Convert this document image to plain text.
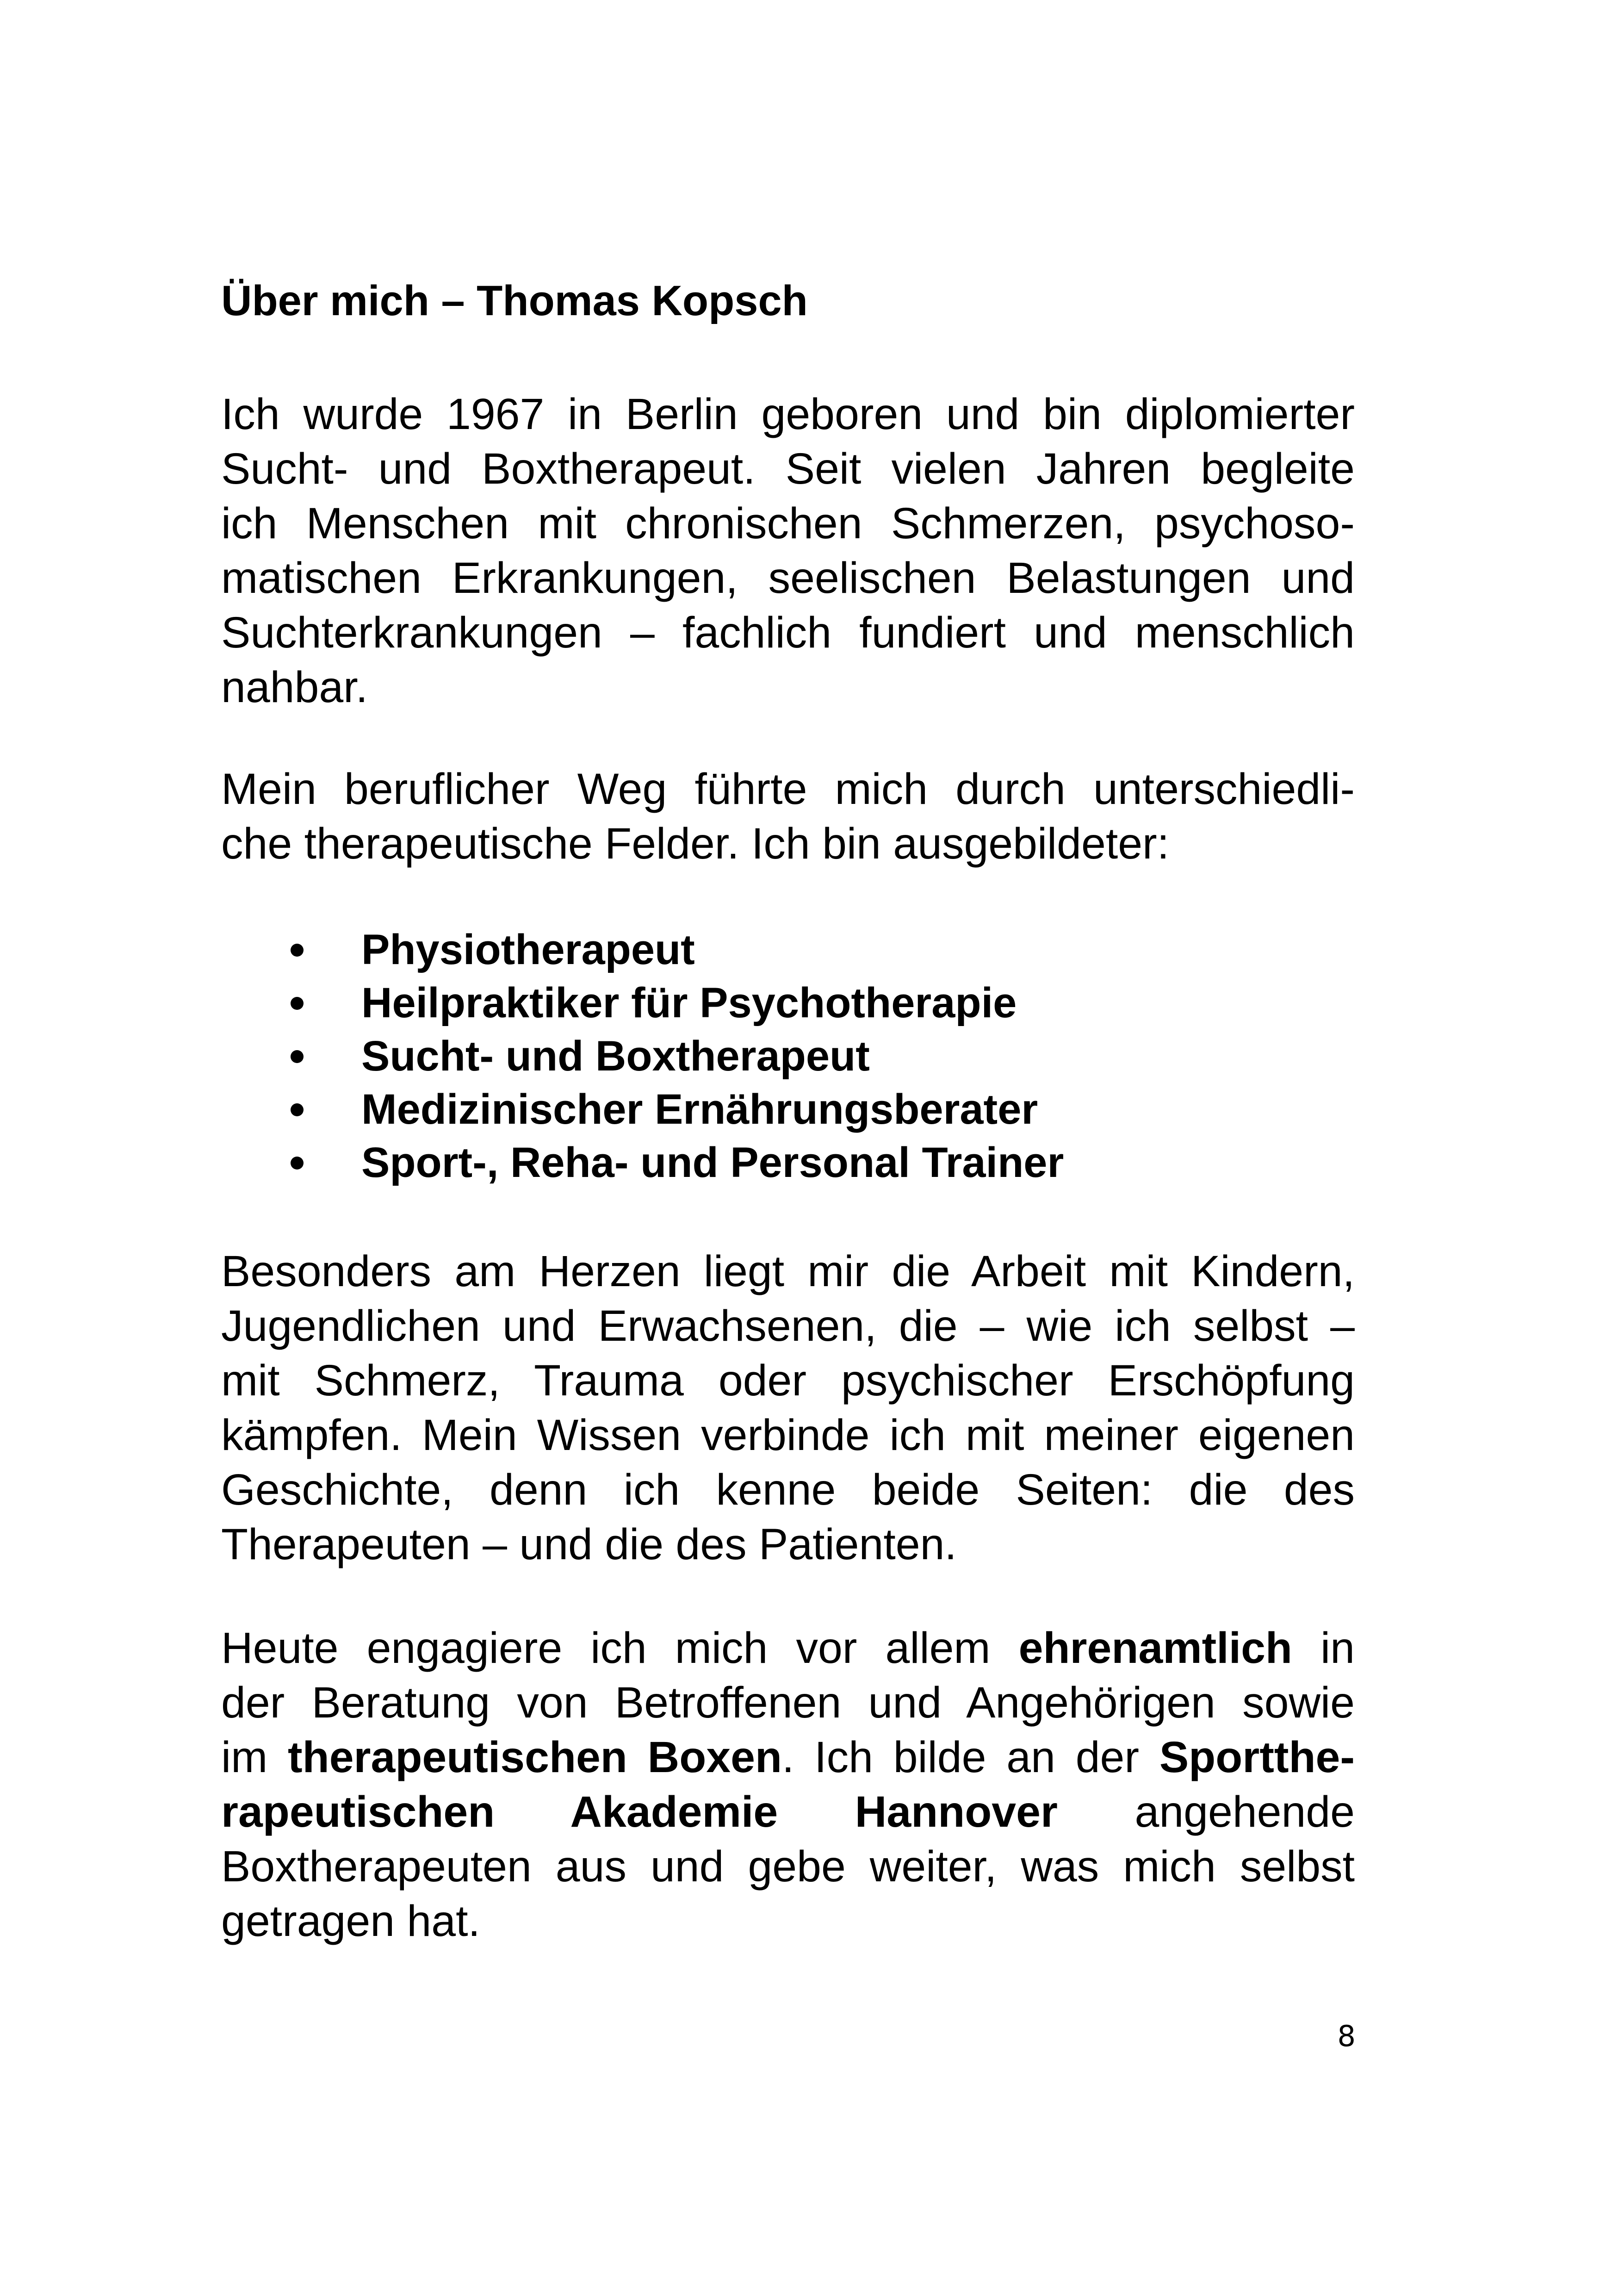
Über mich – Thomas Kopsch
Ich wurde 1967 in Berlin geboren und bin diplomierter
Sucht- und Boxtherapeut. Seit vielen Jahren begleite
ich Menschen mit chronischen Schmerzen, psychoso-
matischen Erkrankungen, seelischen Belastungen und
Suchterkrankungen – fachlich fundiert und menschlich
nahbar.
Mein beruflicher Weg führte mich durch unterschiedli-
che therapeutische Felder. Ich bin ausgebildeter:
Physiotherapeut
Heilpraktiker für Psychotherapie
Sucht- und Boxtherapeut
Medizinischer Ernährungsberater
Sport-, Reha- und Personal Trainer
Besonders am Herzen liegt mir die Arbeit mit Kindern,
Jugendlichen und Erwachsenen, die – wie ich selbst –
mit Schmerz, Trauma oder psychischer Erschöpfung
kämpfen. Mein Wissen verbinde ich mit meiner eigenen
Geschichte, denn ich kenne beide Seiten: die des
Therapeuten – und die des Patienten.
Heute engagiere ich mich vor allem ehrenamtlich in
der Beratung von Betroffenen und Angehörigen sowie
im therapeutischen Boxen. Ich bilde an der Sportthe-
rapeutischen Akademie Hannover angehende
Boxtherapeuten aus und gebe weiter, was mich selbst
getragen hat.
8
